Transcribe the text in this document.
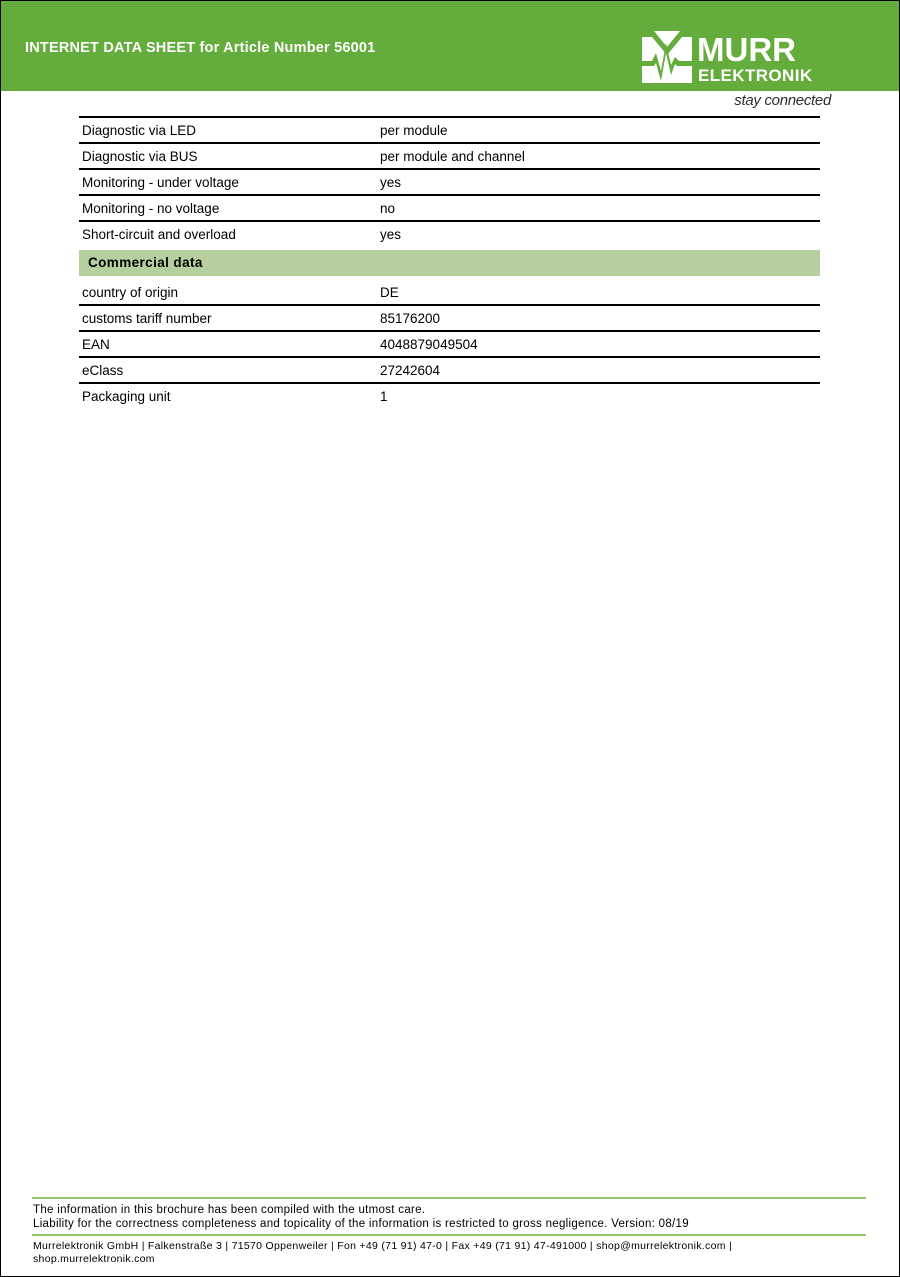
INTERNET DATA SHEET for Article Number 56001	MURR
ELEKTRONIK
stay connected
Diagnostic via LED	per module
Diagnostic via BUS	per module and channel
Monitoring - under voltage	yes
Monitoring - no voltage	no
Short-circuit and overload	yes
Commercial data
country of origin	DE
customs tariff number	85176200
EAN	4048879049504
eClass	27242604
Packaging unit	1
The information in this brochure has been compiled with the utmost care.
Liability for the correctness completeness and topicality of the information is restricted to gross negligence. Version: 08/19
Murrelektronik GmbH | Falkenstraße 3 | 71570 Oppenweiler | Fon +49 (71 91) 47-0 | Fax +49 (71 91) 47-491000 | shop@murrelektronik.com |
shop.murrelektronik.com
